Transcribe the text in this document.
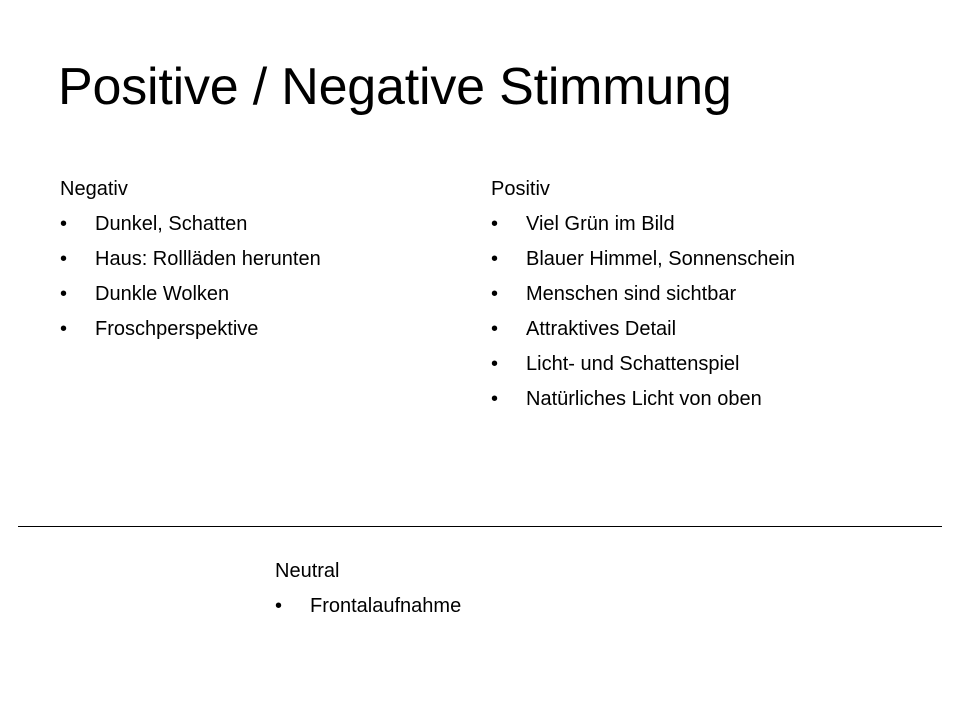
Positive / Negative Stimmung
Negativ
•	Dunkel, Schatten
•	Haus: Rollläden herunten
•	Dunkle Wolken
•	Froschperspektive
Positiv
•	Viel Grün im Bild
•	Blauer Himmel, Sonnenschein
•	Menschen sind sichtbar
•	Attraktives Detail
•	Licht- und Schattenspiel
•	Natürliches Licht von oben
Neutral
•	Frontalaufnahme
